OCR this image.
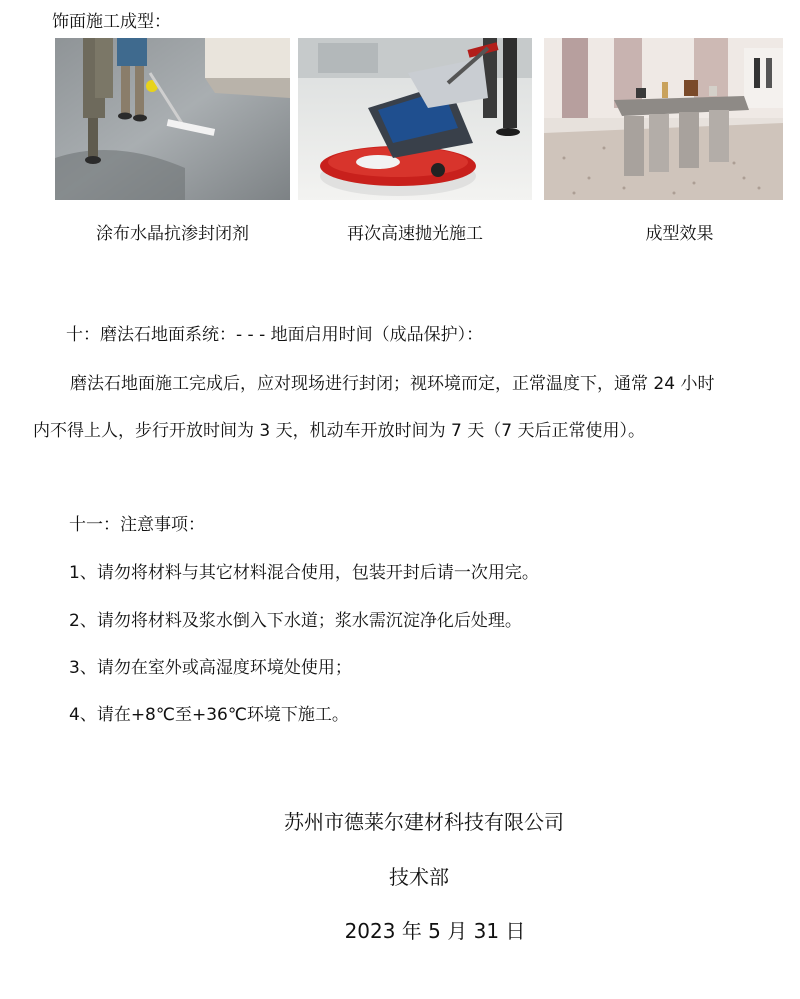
饰面施工成型：
涂布水晶抗渗封闭剂	再次高速抛光施工	成型效果
十：磨法石地面系统：- - - 地面启用时间（成品保护）：
磨法石地面施工完成后，应对现场进行封闭；视环境而定，正常温度下，通常 24 小时
内不得上人，步行开放时间为 3 天，机动车开放时间为 7 天（7 天后正常使用）。
十一：注意事项：
1、请勿将材料与其它材料混合使用，包装开封后请一次用完。
2、请勿将材料及浆水倒入下水道；浆水需沉淀净化后处理。
3、请勿在室外或高湿度环境处使用；
4、请在+8℃至+36℃环境下施工。
苏州市德莱尔建材科技有限公司
技术部
2023 年 5 月 31 日
